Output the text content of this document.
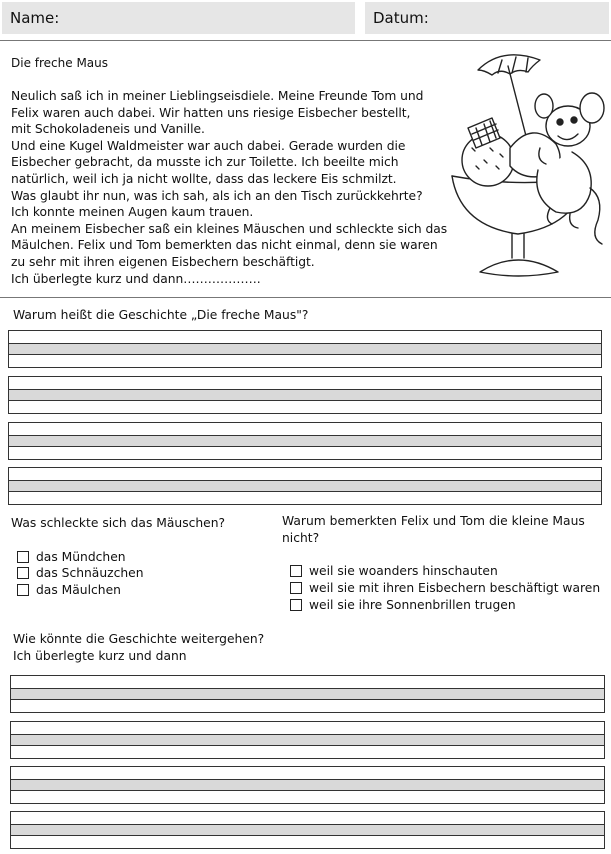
Name:	Datum:
Die freche Maus
Neulich saß ich in meiner Lieblingseisdiele. Meine Freunde Tom und
Felix waren auch dabei. Wir hatten uns riesige Eisbecher bestellt,
mit Schokoladeneis und Vanille.
Und eine Kugel Waldmeister war auch dabei. Gerade wurden die
Eisbecher gebracht, da musste ich zur Toilette. Ich beeilte mich
natürlich, weil ich ja nicht wollte, dass das leckere Eis schmilzt.
Was glaubt ihr nun, was ich sah, als ich an den Tisch zurückkehrte?
Ich konnte meinen Augen kaum trauen.
An meinem Eisbecher saß ein kleines Mäuschen und schleckte sich das
Mäulchen. Felix und Tom bemerkten das nicht einmal, denn sie waren
zu sehr mit ihren eigenen Eisbechern beschäftigt.
Ich überlegte kurz und dann……………….
Warum heißt die Geschichte „Die freche Maus"?
Was schleckte sich das Mäuschen?
das Mündchen
das Schnäuzchen
das Mäulchen
Warum bemerkten Felix und Tom die kleine Maus
nicht?
weil sie woanders hinschauten
weil sie mit ihren Eisbechern beschäftigt waren
weil sie ihre Sonnenbrillen trugen
Wie könnte die Geschichte weitergehen?
Ich überlegte kurz und dann
